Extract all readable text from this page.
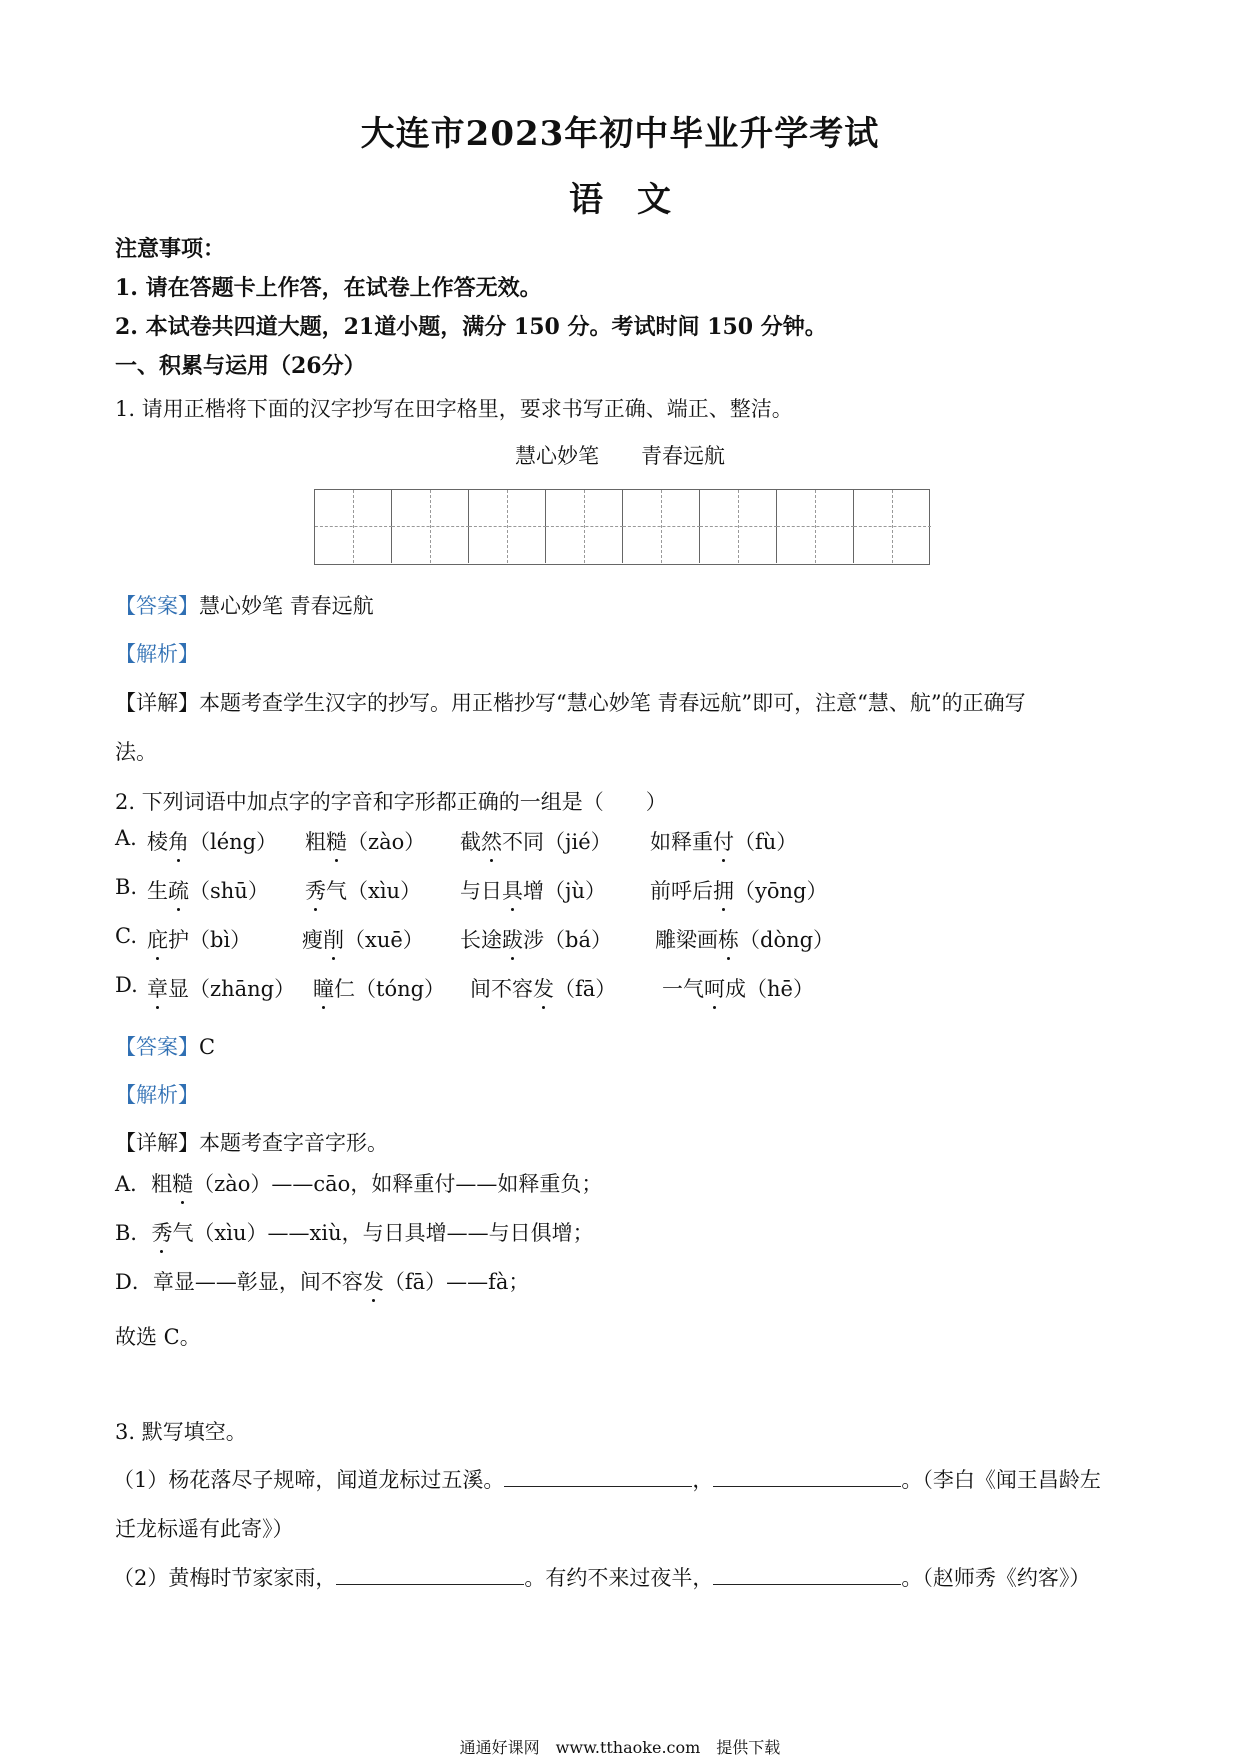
大连市2023年初中毕业升学考试
语　文
注意事项：
1. 请在答题卡上作答，在试卷上作答无效。
2. 本试卷共四道大题，21道小题，满分 150 分。考试时间 150 分钟。
一、积累与运用（26分）
1. 请用正楷将下面的汉字抄写在田字格里，要求书写正确、端正、整洁。
慧心妙笔　　青春远航
【答案】慧心妙笔 青春远航
【解析】
【详解】本题考查学生汉字的抄写。用正楷抄写“慧心妙笔 青春远航”即可，注意“慧、航”的正确写
法。
2. 下列词语中加点字的字音和字形都正确的一组是（　　）
A. 棱角（léng） 粗糙（zào） 截然不同（jié） 如释重付（fù）
B. 生疏（shū） 秀气（xìu） 与日具增（jù） 前呼后拥（yōng）
C. 庇护（bì） 瘦削（xuē） 长途跋涉（bá） 雕梁画栋（dòng）
D. 章显（zhāng） 瞳仁（tóng） 间不容发（fā） 一气呵成（hē）
【答案】C
【解析】
【详解】本题考查字音字形。
A．粗糙（zào）——cāo，如释重付——如释重负；
B．秀气（xìu）——xiù，与日具增——与日俱增；
D．章显——彰显，间不容发（fā）——fà；
故选 C。
3. 默写填空。
（1）杨花落尽子规啼，闻道龙标过五溪。	，	。（李白《闻王昌龄左
迁龙标遥有此寄》）
（2）黄梅时节家家雨，	。有约不来过夜半，	。（赵师秀《约客》）
通通好课网　www.tthaoke.com　提供下载
